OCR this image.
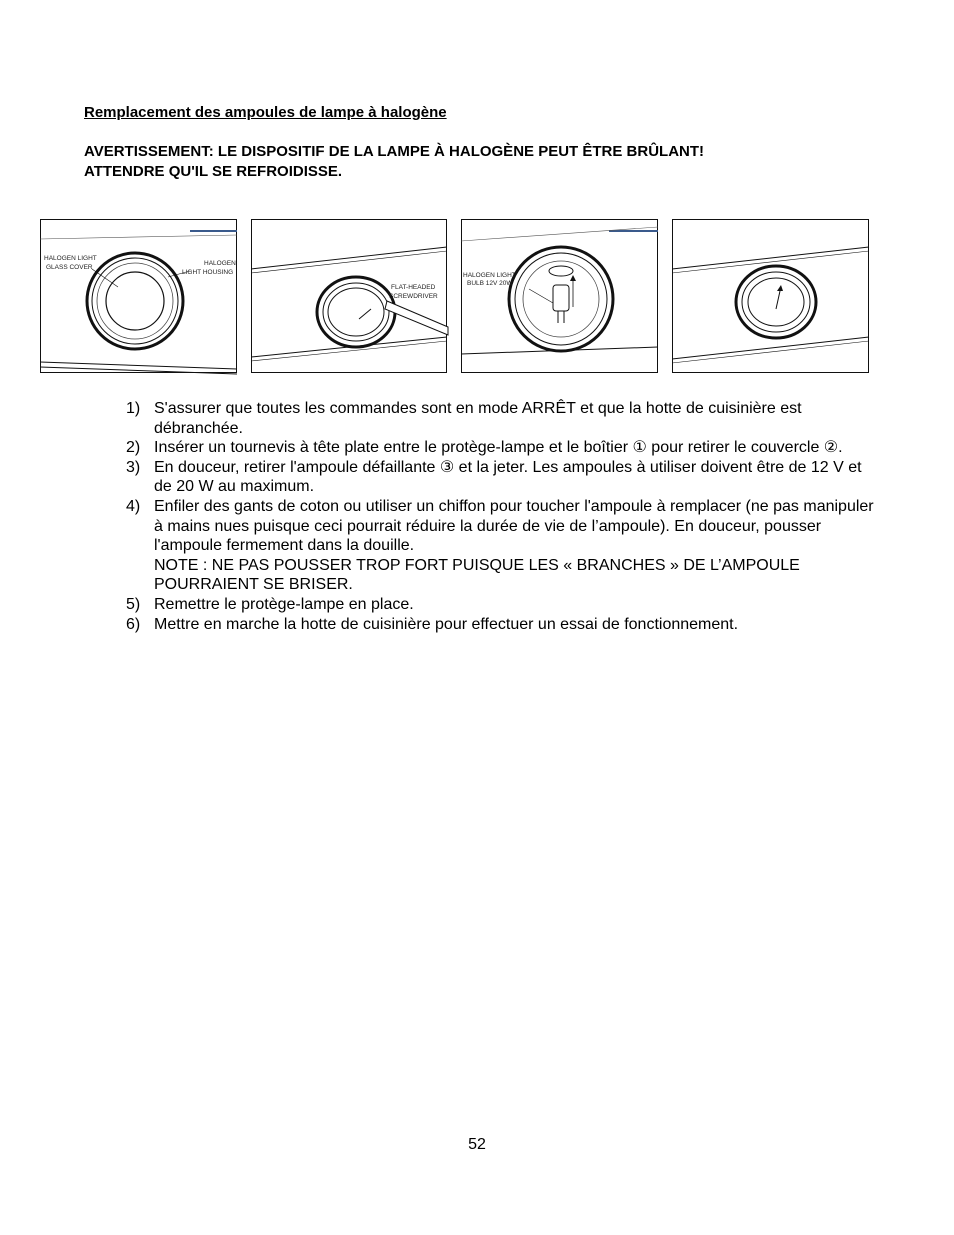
Remplacement des ampoules de lampe à halogène
AVERTISSEMENT: LE DISPOSITIF DE LA LAMPE À HALOGÈNE PEUT ÊTRE BRÛLANT!
ATTENDRE QU'IL SE REFROIDISSE.
HALOGEN LIGHT
GLASS COVER
HALOGEN
LIGHT HOUSING
FLAT-HEADED
SCREWDRIVER
HALOGEN LIGHT
BULB 12V 20W
1) S'assurer que toutes les commandes sont en mode ARRÊT et que la hotte de cuisinière est débranchée.
2) Insérer un tournevis à tête plate entre le protège-lampe et le boîtier ① pour retirer le couvercle ②.
3) En douceur, retirer l'ampoule défaillante ③ et la jeter. Les ampoules à utiliser doivent être de 12 V et de 20 W au maximum.
4) Enfiler des gants de coton ou utiliser un chiffon pour toucher l'ampoule à remplacer (ne pas manipuler à mains nues puisque ceci pourrait réduire la durée de vie de l’ampoule). En douceur, pousser l'ampoule fermement dans la douille.
NOTE : NE PAS POUSSER TROP FORT PUISQUE LES « BRANCHES » DE L’AMPOULE POURRAIENT SE BRISER.
5) Remettre le protège-lampe en place.
6) Mettre en marche la hotte de cuisinière pour effectuer un essai de fonctionnement.
52
